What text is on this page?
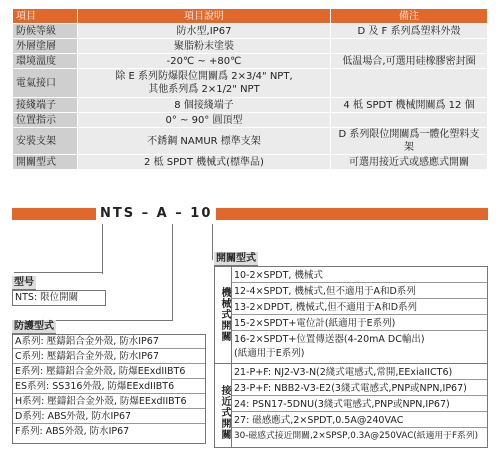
項目	項目說明	備注
防候等級	防水型,IP67	D 及 F 系列爲塑料外殼
外層塗層	聚脂粉末塗裝	
環境溫度	-20℃ ~ +80℃	低温場合,可選用硅橡膠密封圈
電氣接口	除 E 系列防爆限位開關爲 2×3/4" NPT,
其他系列爲 2×1/2" NPT	

接綫端子	8 個接綫端子	4 柢 SPDT 機械開關爲 12 個
位置指示	0° ~ 90° 圓頂型	
安裝支架	不銹鋼 NAMUR 標準支架	D 系列限位開關爲一體化塑料支架
開關型式	2 柢 SPDT 機械式(標準品)	可選用接近式或感應式開關
NTS – A – 10
型号
NTS: 限位開關
防護型式
A系列: 壓鑄鋁合金外殼, 防水IP67
C系列: 壓鑄鋁合金外殼, 防水IP67
E系列: 壓鑄鋁合金外殼, 防爆EExdIIBT6
ES系列: SS316外殼, 防爆EExdIIBT6
H系列: 壓鑄鋁合金外殼, 防爆EExdIIBT6
D系列: ABS外殼, 防水IP67
F系列: ABS外殼, 防水IP67
開關型式
機械式開關
接近式開關
10-2×SPDT, 機械式
12-4×SPDT, 機械式,但不適用于A和D系列
13-2×DPDT, 機械式,但不適用于A和D系列
15-2×SPDT+電位計(紙適用于E系列)
16-2×SPDT+位置傳送器(4-20mA DC輸出)
(紙適用于E系列)
21-P+F: NJ2-V3-N(2綫式電感式,常開,EExiaIICT6)
23-P+F: NBB2-V3-E2(3綫式電感式,PNP或NPN,IP67)
24: PSN17-5DNU(3綫式電感式,PNP或NPN,IP67)
27: 磁感應式,2×SPDT,0.5A@240VAC
30-磁感式接近開關,2×SPSP,0.3A@250VAC(紙適用于F系列)
